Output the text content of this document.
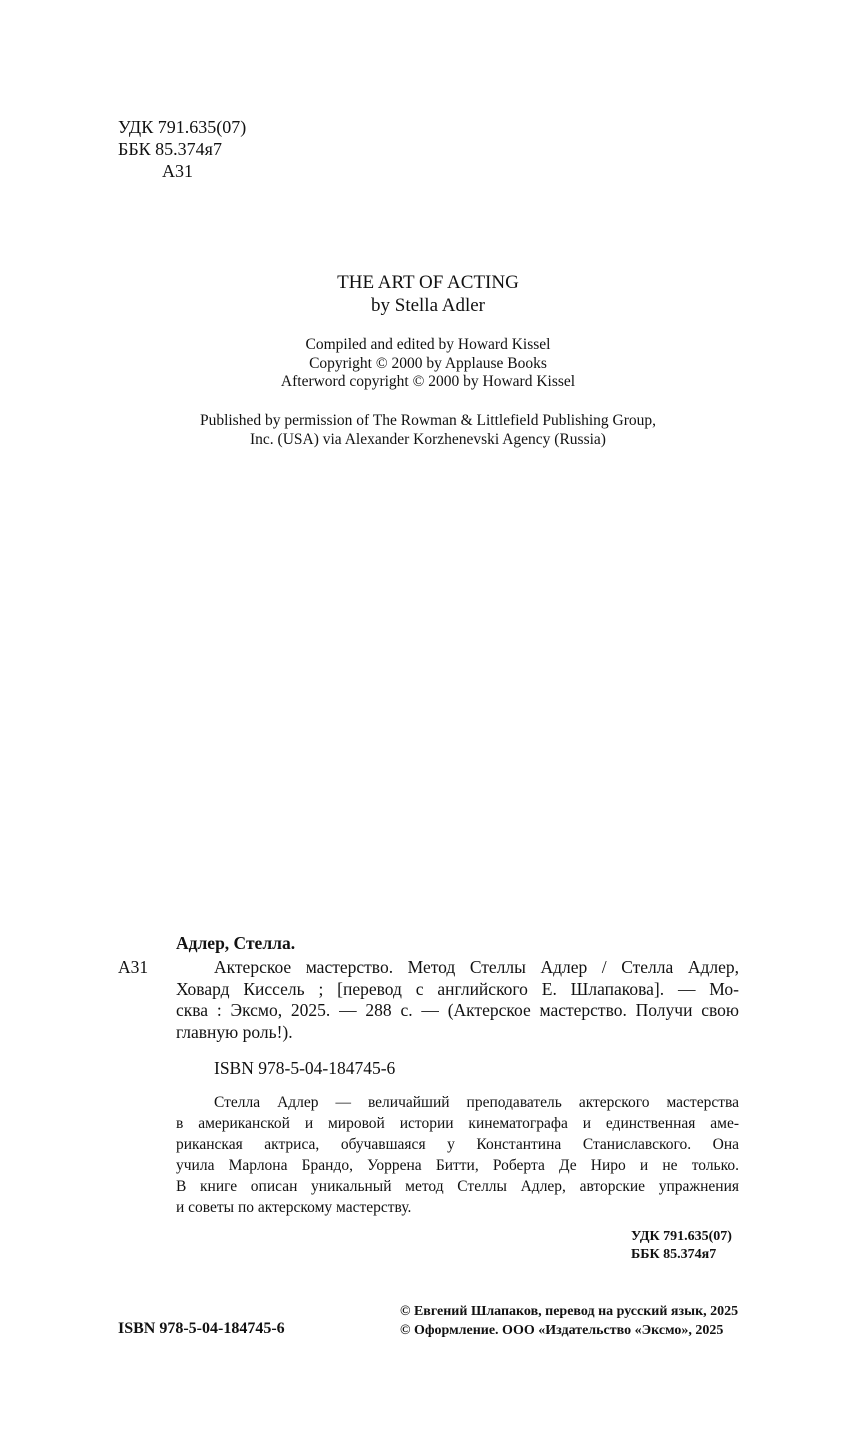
УДК 791.635(07)
ББК 85.374я7
А31
THE ART OF ACTING
by Stella Adler
Compiled and edited by Howard Kissel
Copyright © 2000 by Applause Books
Afterword copyright © 2000 by Howard Kissel
Published by permission of The Rowman & Littlefield Publishing Group,
Inc. (USA) via Alexander Korzhenevski Agency (Russia)
Адлер, Стелла.
А31	Актерское мастерство. Метод Стеллы Адлер / Стелла Адлер,
Ховард Киссель ; [перевод с английского Е. Шлапакова]. — Мо-
сква : Эксмо, 2025. — 288 с. — (Актерское мастерство. Получи свою
главную роль!).
ISBN 978-5-04-184745-6
Стелла Адлер — величайший преподаватель актерского мастерства
в американской и мировой истории кинематографа и единственная аме-
риканская актриса, обучавшаяся у Константина Станиславского. Она
учила Марлона Брандо, Уоррена Битти, Роберта Де Ниро и не только.
В книге описан уникальный метод Стеллы Адлер, авторские упражнения
и советы по актерскому мастерству.
УДК 791.635(07)
ББК 85.374я7
ISBN 978-5-04-184745-6
© Евгений Шлапаков, перевод на русский язык, 2025
© Оформление. ООО «Издательство «Эксмо», 2025
